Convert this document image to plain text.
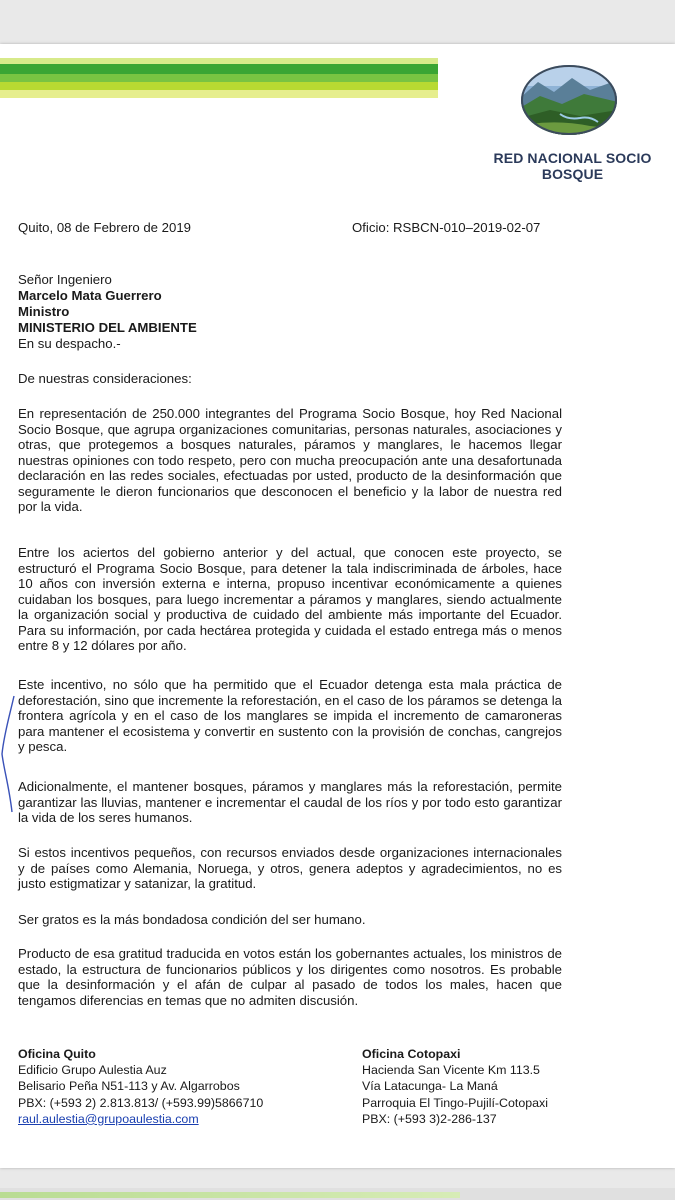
RED NACIONAL SOCIO BOSQUE
Quito, 08 de Febrero de 2019	Oficio: RSBCN-010–2019-02-07
Señor Ingeniero
Marcelo Mata Guerrero
Ministro
MINISTERIO DEL AMBIENTE
En su despacho.-
De nuestras consideraciones:

En representación de 250.000 integrantes del Programa Socio Bosque, hoy Red Nacional Socio Bosque, que agrupa organizaciones comunitarias, personas naturales, asociaciones y otras, que protegemos a bosques naturales, páramos y manglares, le hacemos llegar nuestras opiniones con todo respeto, pero con mucha preocupación ante una desafortunada declaración en las redes sociales, efectuadas por usted, producto de la desinformación que seguramente le dieron funcionarios que desconocen el beneficio y la labor de nuestra red por la vida.

Entre los aciertos del gobierno anterior y del actual, que conocen este proyecto, se estructuró el Programa Socio Bosque, para detener la tala indiscriminada de árboles, hace 10 años con inversión externa e interna, propuso incentivar económicamente a quienes cuidaban los bosques, para luego incrementar a páramos y manglares, siendo actualmente la organización social y productiva de cuidado del ambiente más importante del Ecuador. Para su información, por cada hectárea protegida y cuidada el estado entrega más o menos entre 8 y 12 dólares por año.

Este incentivo, no sólo que ha permitido que el Ecuador detenga esta mala práctica de deforestación, sino que incremente la reforestación, en el caso de los páramos se detenga la frontera agrícola y en el caso de los manglares se impida el incremento de camaroneras para mantener el ecosistema y convertir en sustento con la provisión de conchas, cangrejos y pesca.

Adicionalmente, el mantener bosques, páramos y manglares más la reforestación, permite garantizar las lluvias, mantener e incrementar el caudal de los ríos y por todo esto garantizar la vida de los seres humanos.

Si estos incentivos pequeños, con recursos enviados desde organizaciones internacionales y de países como Alemania, Noruega, y otros, genera adeptos y agradecimientos, no es justo estigmatizar y satanizar, la gratitud.

Ser gratos es la más bondadosa condición del ser humano.

Producto de esa gratitud traducida en votos están los gobernantes actuales, los ministros de estado, la estructura de funcionarios públicos y los dirigentes como nosotros. Es probable que la desinformación y el afán de culpar al pasado de todos los males, hacen que tengamos diferencias en temas que no admiten discusión.

Oficina Quito
Edificio Grupo Aulestia Auz
Belisario Peña N51-113 y Av. Algarrobos
PBX: (+593 2) 2.813.813/ (+593.99)5866710
raul.aulestia@grupoaulestia.com
Oficina Cotopaxi
Hacienda San Vicente Km 113.5
Vía Latacunga- La Maná
Parroquia El Tingo-Pujilí-Cotopaxi
PBX: (+593 3)2-286-137
